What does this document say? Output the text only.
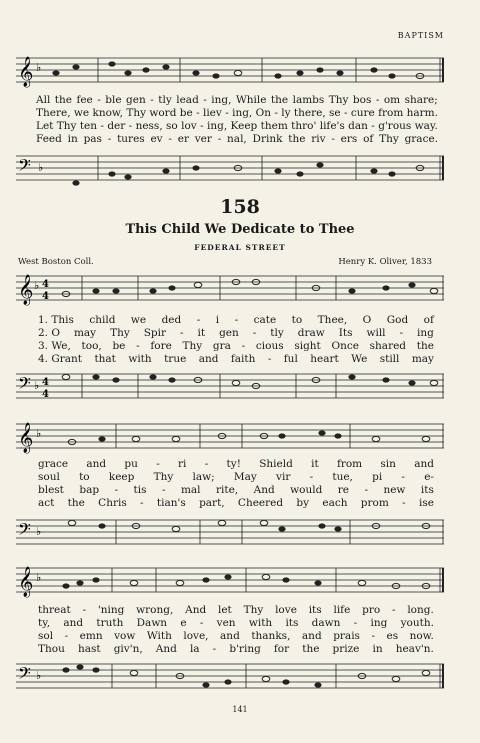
BAPTISM
𝄞 ♭
All the fee - ble gen - tly lead - ing, While the lambs Thy bos - om share;
There, we know, Thy word be - liev - ing, On - ly there, se - cure from harm.
Let Thy ten - der - ness, so lov - ing, Keep them thro' life's dan - g'rous way.
Feed in pas - tures ev - er ver - nal, Drink the riv - ers of Thy grace.
𝄢 ♭
158
This Child We Dedicate to Thee
FEDERAL STREET
West Boston Coll.	Henry K. Oliver, 1833
𝄞 ♭ 4
4
1. This child we ded - i - cate to Thee, O God of
2. O may Thy Spir - it gen - tly draw Its will - ing
3. We, too, be - fore Thy gra - cious sight Once shared the
4. Grant that with true and faith - ful heart We still may
𝄢 ♭ 4
4
𝄞 ♭
grace and pu - ri - ty! Shield it from sin and
soul to keep Thy law; May vir - tue, pi - e-
blest bap - tis - mal rite, And would re - new its
act the Chris - tian's part, Cheered by each prom - ise
𝄢 ♭
𝄞 ♭
threat - 'ning wrong, And let Thy love its life pro - long.
ty, and truth Dawn e - ven with its dawn - ing youth.
sol - emn vow With love, and thanks, and prais - es now.
Thou hast giv'n, And la - b'ring for the prize in heav'n.
𝄢 ♭
141
